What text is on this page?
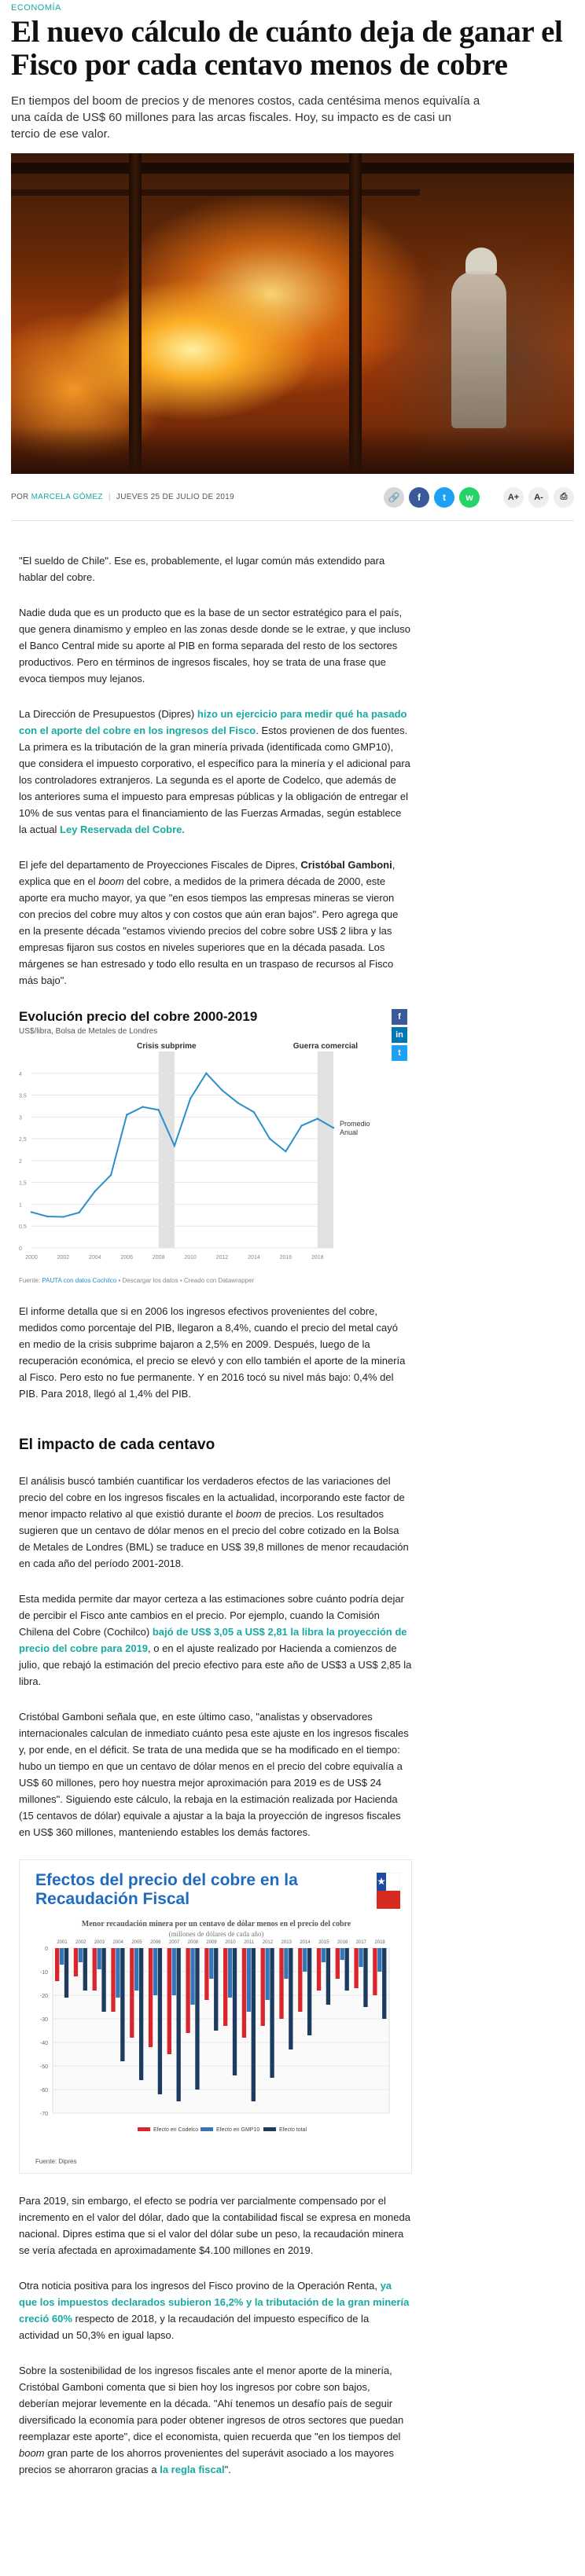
ECONOMÍA
El nuevo cálculo de cuánto deja de ganar el Fisco por cada centavo menos de cobre
En tiempos del boom de precios y de menores costos, cada centésima menos equivalía a una caída de US$ 60 millones para las arcas fiscales. Hoy, su impacto es de casi un tercio de ese valor.
POR MARCELA GÓMEZ | JUEVES 25 DE JULIO DE 2019	🔗	f	t	w	A+	A-	⎙

"El sueldo de Chile". Ese es, probablemente, el lugar común más extendido para hablar del cobre.

Nadie duda que es un producto que es la base de un sector estratégico para el país, que genera dinamismo y empleo en las zonas desde donde se le extrae, y que incluso el Banco Central mide su aporte al PIB en forma separada del resto de los sectores productivos. Pero en términos de ingresos fiscales, hoy se trata de una frase que evoca tiempos muy lejanos.

La Dirección de Presupuestos (Dipres) hizo un ejercicio para medir qué ha pasado con el aporte del cobre en los ingresos del Fisco. Estos provienen de dos fuentes. La primera es la tributación de la gran minería privada (identificada como GMP10), que considera el impuesto corporativo, el específico para la minería y el adicional para los controladores extranjeros. La segunda es el aporte de Codelco, que además de los anteriores suma el impuesto para empresas públicas y la obligación de entregar el 10% de sus ventas para el financiamiento de las Fuerzas Armadas, según establece la actual Ley Reservada del Cobre.

El jefe del departamento de Proyecciones Fiscales de Dipres, Cristóbal Gamboni, explica que en el boom del cobre, a medidos de la primera década de 2000, este aporte era mucho mayor, ya que "en esos tiempos las empresas mineras se vieron con precios del cobre muy altos y con costos que aún eran bajos". Pero agrega que en la presente década "estamos viviendo precios del cobre sobre US$ 2 libra y las empresas fijaron sus costos en niveles superiores que en la década pasada. Los márgenes se han estresado y todo ello resulta en un traspaso de recursos al Fisco más bajo".

Evolución precio del cobre 2000-2019
US$/libra, Bolsa de Metales de Londres
Crisis subprime	Guerra comercial
0
0,5
1
1,5
2
2,5
3
3,5
4
2000	2002	2004	2006	2008	2010	2012	2014	2016	2018
Promedio
Anual
Fuente: PAUTA con datos Cochilco • Descargar los datos • Creado con Datawrapper
f
in
t

El informe detalla que si en 2006 los ingresos efectivos provenientes del cobre, medidos como porcentaje del PIB, llegaron a 8,4%, cuando el precio del metal cayó en medio de la crisis subprime bajaron a 2,5% en 2009. Después, luego de la recuperación económica, el precio se elevó y con ello también el aporte de la minería al Fisco. Pero esto no fue permanente. Y en 2016 tocó su nivel más bajo: 0,4% del PIB. Para 2018, llegó al 1,4% del PIB.

El impacto de cada centavo

El análisis buscó también cuantificar los verdaderos efectos de las variaciones del precio del cobre en los ingresos fiscales en la actualidad, incorporando este factor de menor impacto relativo al que existió durante el boom de precios. Los resultados sugieren que un centavo de dólar menos en el precio del cobre cotizado en la Bolsa de Metales de Londres (BML) se traduce en US$ 39,8 millones de menor recaudación en cada año del período 2001-2018.

Esta medida permite dar mayor certeza a las estimaciones sobre cuánto podría dejar de percibir el Fisco ante cambios en el precio. Por ejemplo, cuando la Comisión Chilena del Cobre (Cochilco) bajó de US$ 3,05 a US$ 2,81 la libra la proyección de precio del cobre para 2019, o en el ajuste realizado por Hacienda a comienzos de julio, que rebajó la estimación del precio efectivo para este año de US$3 a US$ 2,85 la libra.

Cristóbal Gamboni señala que, en este último caso, "analistas y observadores internacionales calculan de inmediato cuánto pesa este ajuste en los ingresos fiscales y, por ende, en el déficit. Se trata de una medida que se ha modificado en el tiempo: hubo un tiempo en que un centavo de dólar menos en el precio del cobre equivalía a US$ 60 millones, pero hoy nuestra mejor aproximación para 2019 es de US$ 24 millones". Siguiendo este cálculo, la rebaja en la estimación realizada por Hacienda (15 centavos de dólar) equivale a ajustar a la baja la proyección de ingresos fiscales en US$ 360 millones, manteniendo estables los demás factores.

Efectos del precio del cobre en la Recaudación Fiscal
Menor recaudación minera por un centavo de dólar menos en el precio del cobre
(millones de dólares de cada año)
0
-10
-20
-30
-40
-50
-60
-70
2001 2002 2003 2004 2005 2006 2007 2008 2009 2010 2011 2012 2013 2014 2015 2016 2017 2018
Efecto en Codelco	Efecto en GMP10	Efecto total
Fuente: Dipres

Para 2019, sin embargo, el efecto se podría ver parcialmente compensado por el incremento en el valor del dólar, dado que la contabilidad fiscal se expresa en moneda nacional. Dipres estima que si el valor del dólar sube un peso, la recaudación minera se vería afectada en aproximadamente $4.100 millones en 2019.

Otra noticia positiva para los ingresos del Fisco provino de la Operación Renta, ya que los impuestos declarados subieron 16,2% y la tributación de la gran minería creció 60% respecto de 2018, y la recaudación del impuesto específico de la actividad un 50,3% en igual lapso.

Sobre la sostenibilidad de los ingresos fiscales ante el menor aporte de la minería, Cristóbal Gamboni comenta que si bien hoy los ingresos por cobre son bajos, deberían mejorar levemente en la década. "Ahí tenemos un desafío país de seguir diversificado la economía para poder obtener ingresos de otros sectores que puedan reemplazar este aporte", dice el economista, quien recuerda que "en los tiempos del boom gran parte de los ahorros provenientes del superávit asociado a los mayores precios se ahorraron gracias a la regla fiscal".
